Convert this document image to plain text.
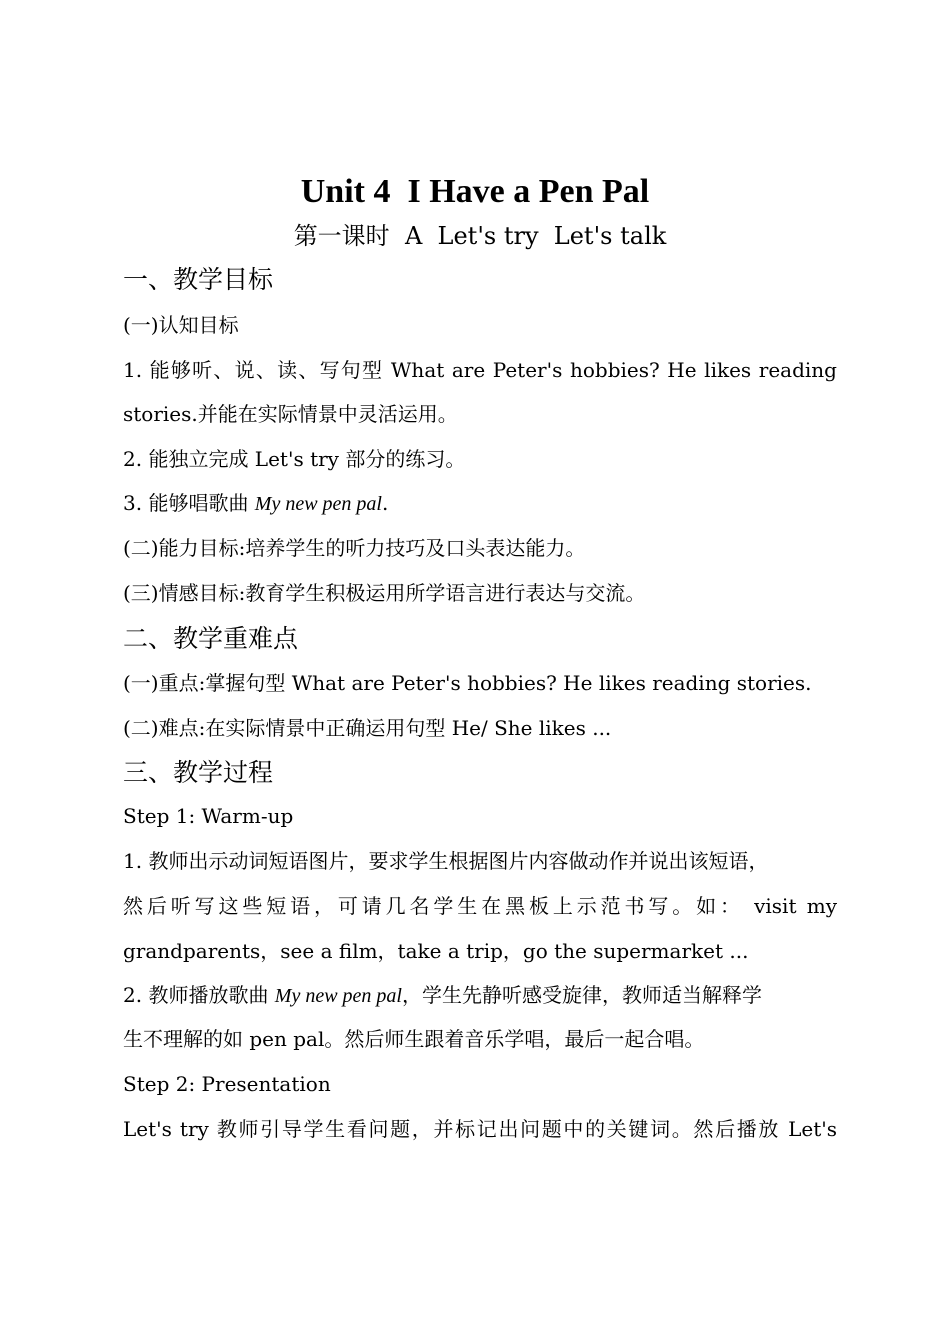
Unit 4  I Have a Pen Pal
第一课时  A  Let's try  Let's talk
一、教学目标
(一)认知目标
1. 能够听、说、读、写句型 What are Peter's hobbies? He likes reading
stories.并能在实际情景中灵活运用。
2. 能独立完成 Let's try 部分的练习。
3. 能够唱歌曲 My new pen pal.
(二)能力目标:培养学生的听力技巧及口头表达能力。
(三)情感目标:教育学生积极运用所学语言进行表达与交流。
二、教学重难点
(一)重点:掌握句型 What are Peter's hobbies? He likes reading stories.
(二)难点:在实际情景中正确运用句型 He/ She likes ...
三、教学过程
Step 1: Warm-up
1. 教师出示动词短语图片，要求学生根据图片内容做动作并说出该短语，
然后听写这些短语，可请几名学生在黑板上示范书写。如： visit my
grandparents，see a film，take a trip，go the supermarket ...
2. 教师播放歌曲 My new pen pal，学生先静听感受旋律，教师适当解释学
生不理解的如 pen pal。然后师生跟着音乐学唱，最后一起合唱。
Step 2: Presentation
Let's try 教师引导学生看问题，并标记出问题中的关键词。然后播放 Let's
